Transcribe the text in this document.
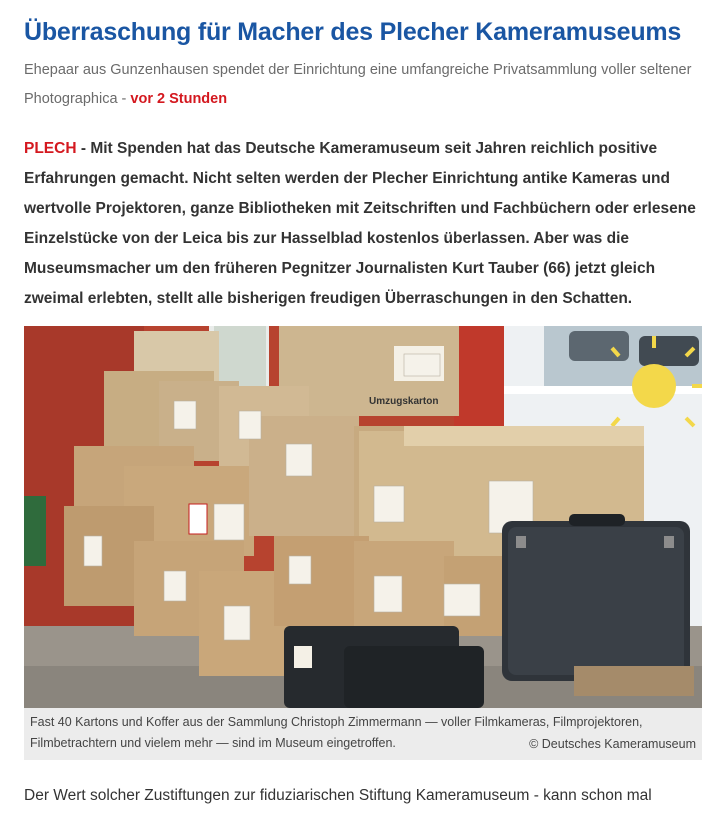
Überraschung für Macher des Plecher Kameramuseums

Ehepaar aus Gunzenhausen spendet der Einrichtung eine umfangreiche Privatsammlung voller seltener Photographica - vor 2 Stunden

PLECH - Mit Spenden hat das Deutsche Kameramuseum seit Jahren reichlich positive Erfahrungen gemacht. Nicht selten werden der Plecher Einrichtung antike Kameras und wertvolle Projektoren, ganze Bibliotheken mit Zeitschriften und Fachbüchern oder erlesene Einzelstücke von der Leica bis zur Hasselblad kostenlos überlassen. Aber was die Museumsmacher um den früheren Pegnitzer Journalisten Kurt Tauber (66) jetzt gleich zweimal erlebten, stellt alle bisherigen freudigen Überraschungen in den Schatten.

Umzugskarton
Fast 40 Kartons und Koffer aus der Sammlung Christoph Zimmermann — voller Filmkameras, Filmprojektoren, Filmbetrachtern und vielem mehr — sind im Museum eingetroffen.	© Deutsches Kameramuseum

Der Wert solcher Zustiftungen zur fiduziarischen Stiftung Kameramuseum - kann schon mal
